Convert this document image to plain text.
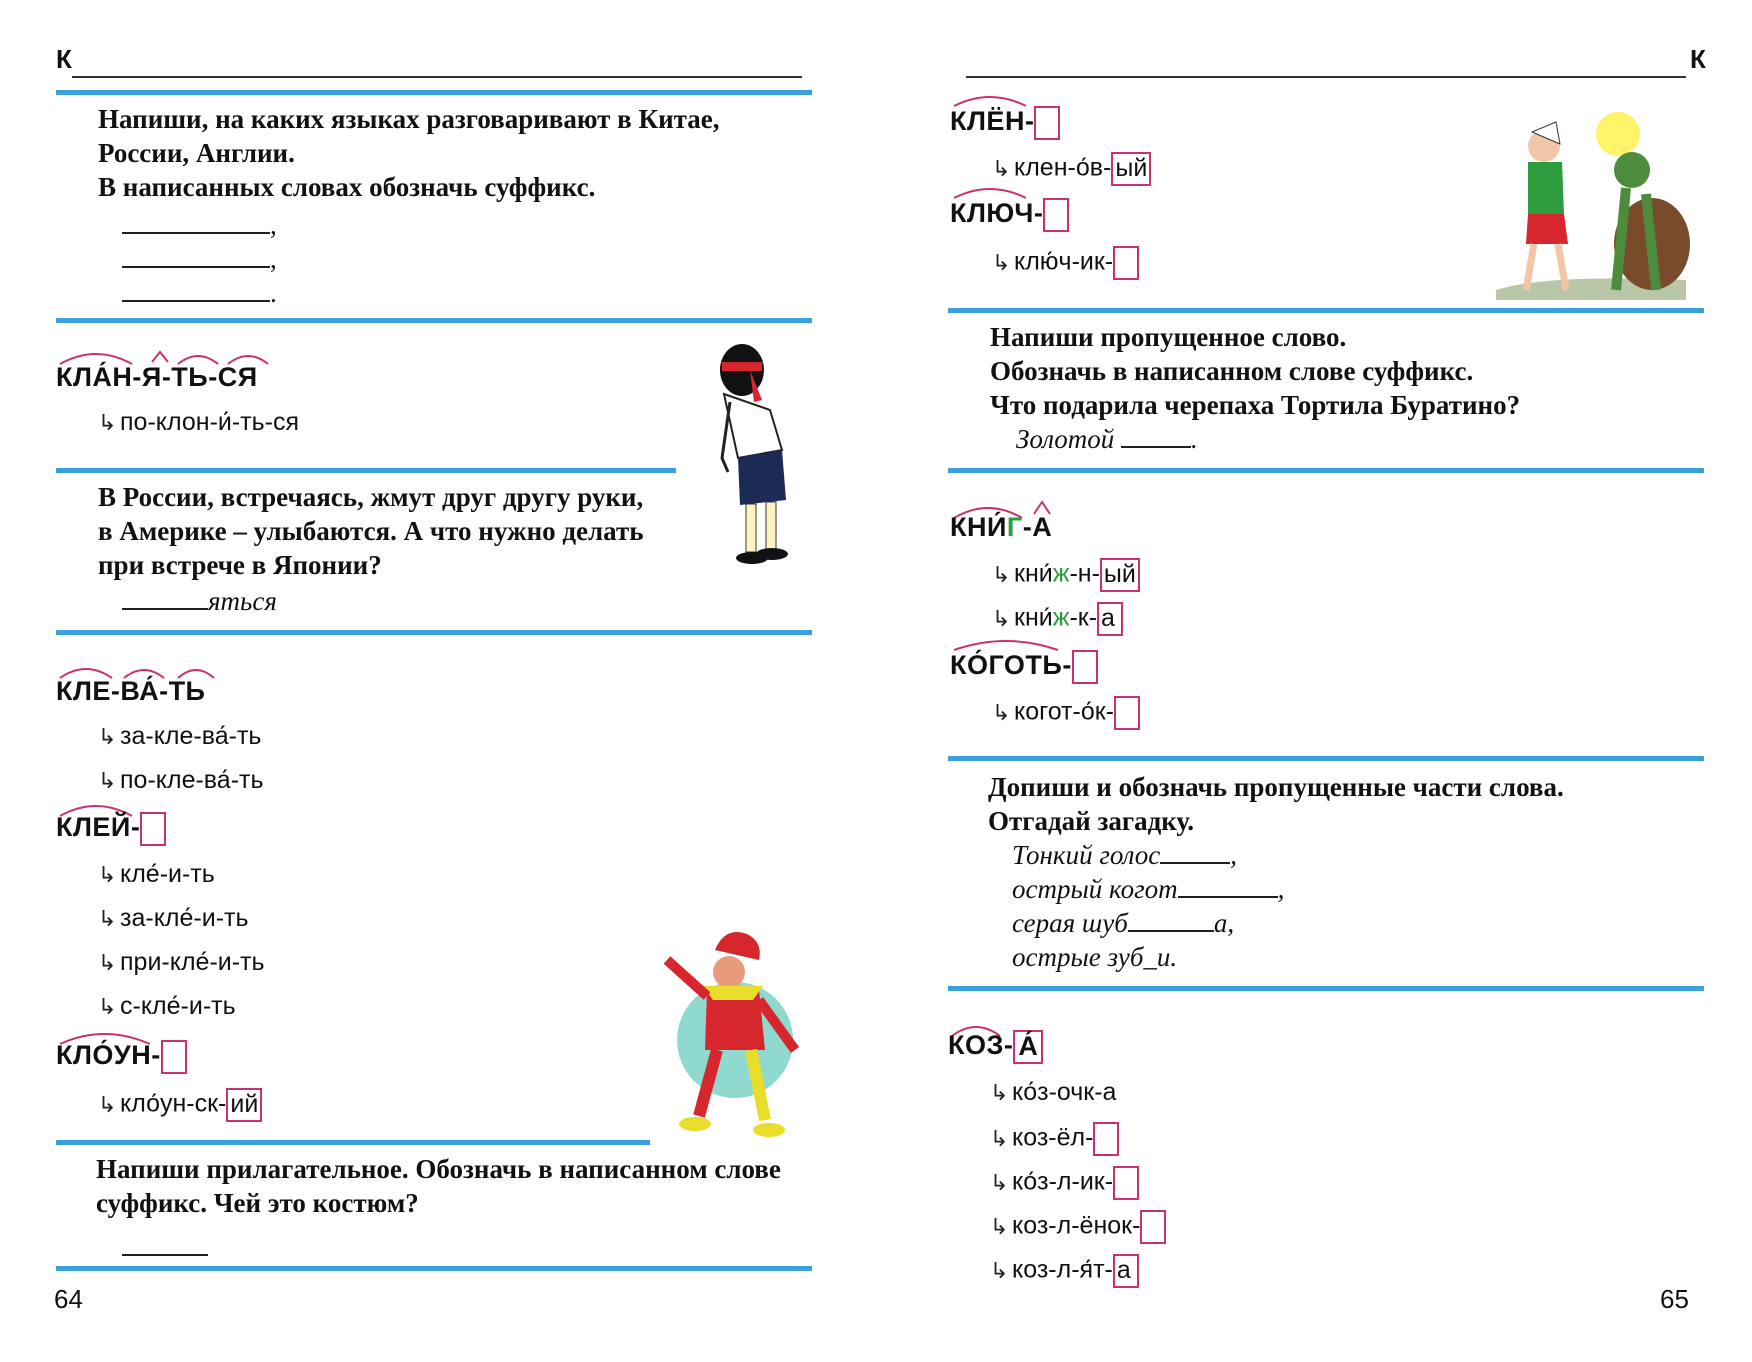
К
Напиши, на каких языках разговаривают в Китае,
России, Англии.
В написанных словах обозначь суффикс.
,
,
.
КЛА́Н-Я-ТЬ-СЯ
↳ по-клон-и́-ть-ся
В России, встречаясь, жмут друг другу руки,
в Америке – улыбаются. А что нужно делать
при встрече в Японии?
яться
КЛЕ-ВА́-ТЬ
↳ за-кле-ва́-ть
↳ по-кле-ва́-ть
КЛЕЙ-
↳ кле́-и-ть
↳ за-кле́-и-ть
↳ при-кле́-и-ть
↳ с-кле́-и-ть
КЛО́УН-
↳ кло́ун-ск- ий
Напиши прилагательное. Обозначь в написанном слове
суффикс. Чей это костюм?
64
К
КЛЁН-
↳ клен-о́в- ый
КЛЮЧ-
↳ клю́ч-ик-
Напиши пропущенное слово.
Обозначь в написанном слове суффикс.
Что подарила черепаха Тортила Буратино?
Золотой	.
КНИ́Г-А
↳ кни́ж-н- ый
↳ кни́ж-к- а
КО́ГОТЬ-
↳ когот-о́к-
Допиши и обозначь пропущенные части слова.
Отгадай загадку.
Тонкий голос	,
острый когот	,
серая шуб	а,
острые зуб_и.
КОЗ- А́
↳ ко́з-очк-а
↳ коз-ёл-
↳ ко́з-л-ик-
↳ коз-л-ёнок-
↳ коз-л-я́т- а
65
